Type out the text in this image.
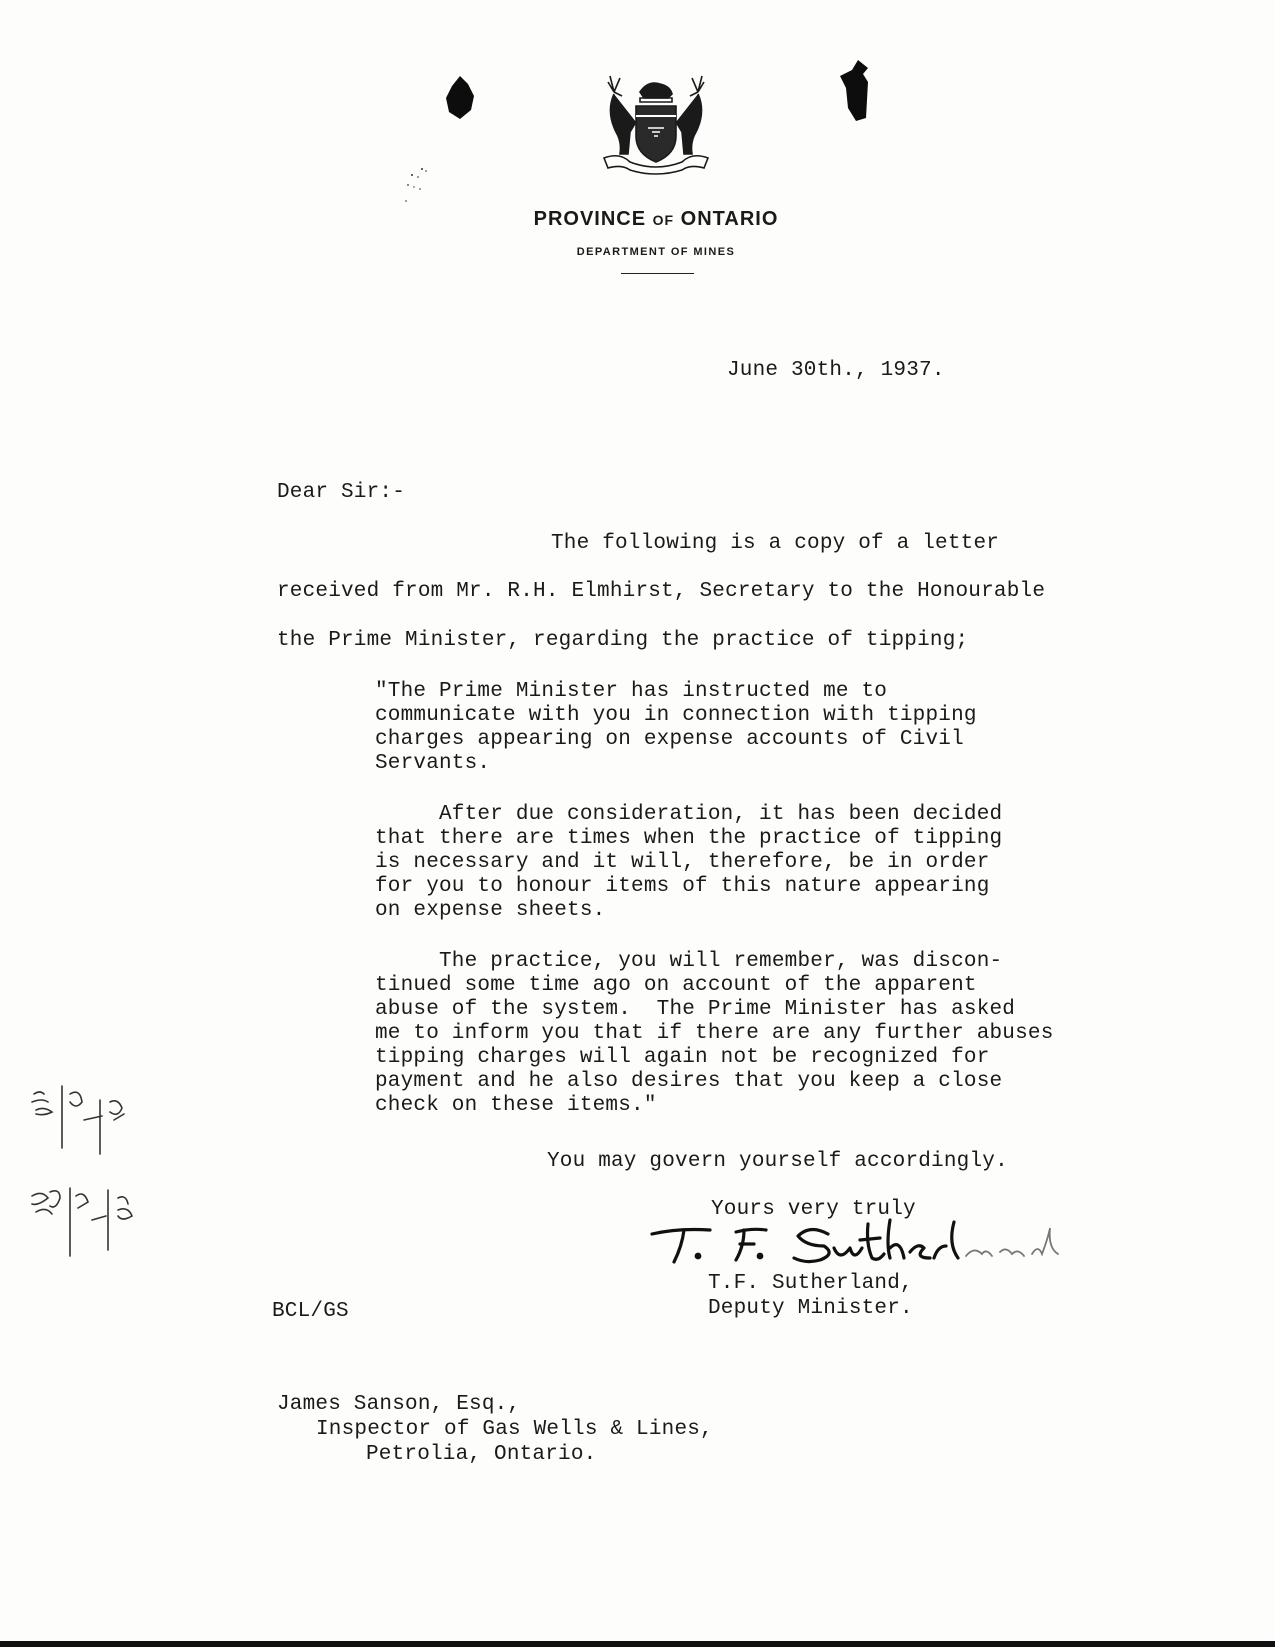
PROVINCE OF ONTARIO
DEPARTMENT OF MINES
June 30th., 1937.
Dear Sir:-
The following is a copy of a letter
received from Mr. R.H. Elmhirst, Secretary to the Honourable
the Prime Minister, regarding the practice of tipping;
"The Prime Minister has instructed me to
communicate with you in connection with tipping
charges appearing on expense accounts of Civil
Servants.
After due consideration, it has been decided
that there are times when the practice of tipping
is necessary and it will, therefore, be in order
for you to honour items of this nature appearing
on expense sheets.
The practice, you will remember, was discon-
tinued some time ago on account of the apparent
abuse of the system.  The Prime Minister has asked
me to inform you that if there are any further abuses
tipping charges will again not be recognized for
payment and he also desires that you keep a close
check on these items."
You may govern yourself accordingly.
Yours very truly
T.F. Sutherland,
Deputy Minister.
BCL/GS
James Sanson, Esq.,
Inspector of Gas Wells & Lines,
Petrolia, Ontario.
